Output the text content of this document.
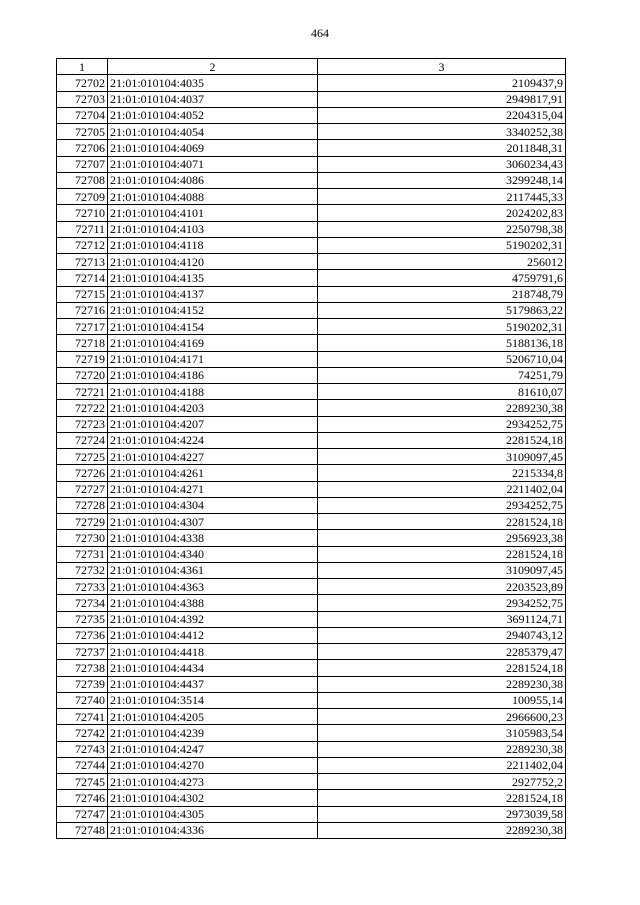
464
1	2	3
72702	21:01:010104:4035	2109437,9
72703	21:01:010104:4037	2949817,91
72704	21:01:010104:4052	2204315,04
72705	21:01:010104:4054	3340252,38
72706	21:01:010104:4069	2011848,31
72707	21:01:010104:4071	3060234,43
72708	21:01:010104:4086	3299248,14
72709	21:01:010104:4088	2117445,33
72710	21:01:010104:4101	2024202,83
72711	21:01:010104:4103	2250798,38
72712	21:01:010104:4118	5190202,31
72713	21:01:010104:4120	256012
72714	21:01:010104:4135	4759791,6
72715	21:01:010104:4137	218748,79
72716	21:01:010104:4152	5179863,22
72717	21:01:010104:4154	5190202,31
72718	21:01:010104:4169	5188136,18
72719	21:01:010104:4171	5206710,04
72720	21:01:010104:4186	74251,79
72721	21:01:010104:4188	81610,07
72722	21:01:010104:4203	2289230,38
72723	21:01:010104:4207	2934252,75
72724	21:01:010104:4224	2281524,18
72725	21:01:010104:4227	3109097,45
72726	21:01:010104:4261	2215334,8
72727	21:01:010104:4271	2211402,04
72728	21:01:010104:4304	2934252,75
72729	21:01:010104:4307	2281524,18
72730	21:01:010104:4338	2956923,38
72731	21:01:010104:4340	2281524,18
72732	21:01:010104:4361	3109097,45
72733	21:01:010104:4363	2203523,89
72734	21:01:010104:4388	2934252,75
72735	21:01:010104:4392	3691124,71
72736	21:01:010104:4412	2940743,12
72737	21:01:010104:4418	2285379,47
72738	21:01:010104:4434	2281524,18
72739	21:01:010104:4437	2289230,38
72740	21:01:010104:3514	100955,14
72741	21:01:010104:4205	2966600,23
72742	21:01:010104:4239	3105983,54
72743	21:01:010104:4247	2289230,38
72744	21:01:010104:4270	2211402,04
72745	21:01:010104:4273	2927752,2
72746	21:01:010104:4302	2281524,18
72747	21:01:010104:4305	2973039,58
72748	21:01:010104:4336	2289230,38
